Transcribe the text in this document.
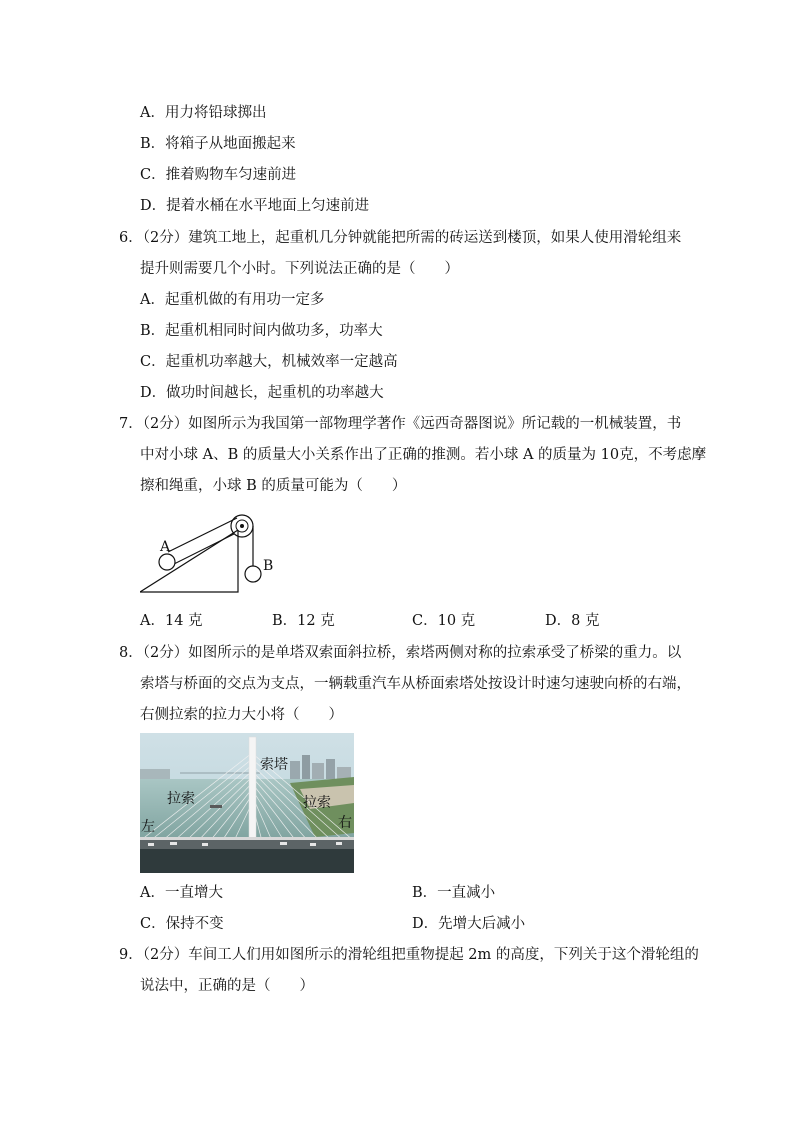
A．用力将铅球掷出
B．将箱子从地面搬起来
C．推着购物车匀速前进
D．提着水桶在水平地面上匀速前进
6．（2分）建筑工地上，起重机几分钟就能把所需的砖运送到楼顶，如果人使用滑轮组来
提升则需要几个小时。下列说法正确的是（　　）
A．起重机做的有用功一定多
B．起重机相同时间内做功多，功率大
C．起重机功率越大，机械效率一定越高
D．做功时间越长，起重机的功率越大
7．（2分）如图所示为我国第一部物理学著作《远西奇器图说》所记载的一机械装置，书
中对小球 A、B 的质量大小关系作出了正确的推测。若小球 A 的质量为 10克，不考虑摩
擦和绳重，小球 B 的质量可能为（　　）
A
B
A．14 克	B．12 克	C．10 克	D．8 克
8．（2分）如图所示的是单塔双索面斜拉桥，索塔两侧对称的拉索承受了桥梁的重力。以
索塔与桥面的交点为支点，一辆载重汽车从桥面索塔处按设计时速匀速驶向桥的右端，
右侧拉索的拉力大小将（　　）
索塔
拉索	拉索
左	右
A．一直增大	B．一直减小
C．保持不变	D．先增大后减小
9．（2分）车间工人们用如图所示的滑轮组把重物提起 2m 的高度，下列关于这个滑轮组的
说法中，正确的是（　　）
